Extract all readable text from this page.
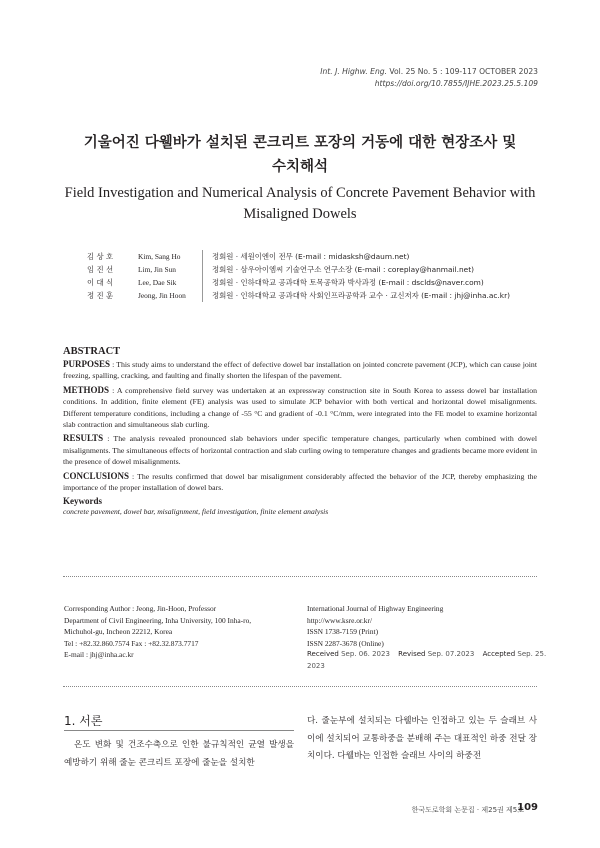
Int. J. Highw. Eng. Vol. 25 No. 5 : 109-117 OCTOBER 2023
https://doi.org/10.7855/IJHE.2023.25.5.109
기울어진 다웰바가 설치된 콘크리트 포장의 거동에 대한 현장조사 및
수치해석
Field Investigation and Numerical Analysis of Concrete Pavement Behavior with
Misaligned Dowels
김 상 호	Kim, Sang Ho	정회원 · 세원이엔이 전무 (E-mail : midasksh@daum.net)
임 진 선	Lim, Jin Sun	정회원 · 삼우아이엠씨 기술연구소 연구소장 (E-mail : coreplay@hanmail.net)
이 대 식	Lee, Dae Sik	정회원 · 인하대학교 공과대학 토목공학과 박사과정 (E-mail : dsclds@naver.com)
정 진 훈	Jeong, Jin Hoon	정회원 · 인하대학교 공과대학 사회인프라공학과 교수 · 교신저자 (E-mail : jhj@inha.ac.kr)
ABSTRACT

PURPOSES : This study aims to understand the effect of defective dowel bar installation on jointed concrete pavement (JCP), which can cause joint freezing, spalling, cracking, and faulting and finally shorten the lifespan of the pavement.

METHODS : A comprehensive field survey was undertaken at an expressway construction site in South Korea to assess dowel bar installation conditions. In addition, finite element (FE) analysis was used to simulate JCP behavior with both vertical and horizontal dowel misalignments. Different temperature conditions, including a change of -55 °C and gradient of -0.1 °C/mm, were integrated into the FE model to examine horizontal slab contraction and simultaneous slab curling.

RESULTS : The analysis revealed pronounced slab behaviors under specific temperature changes, particularly when combined with dowel misalignments. The simultaneous effects of horizontal contraction and slab curling owing to temperature changes and gradients became more evident in the presence of dowel misalignments.

CONCLUSIONS : The results confirmed that dowel bar misalignment considerably affected the behavior of the JCP, thereby emphasizing the importance of the proper installation of dowel bars.

Keywords
concrete pavement, dowel bar, misalignment, field investigation, finite element analysis
Corresponding Author : Jeong, Jin-Hoon, Professor
Department of Civil Engineering, Inha University, 100 Inha-ro,
Michuhol-gu, Incheon 22212, Korea
Tel : +82.32.860.7574 Fax : +82.32.873.7717
E-mail : jhj@inha.ac.kr
International Journal of Highway Engineering
http://www.ksre.or.kr/
ISSN 1738-7159 (Print)
ISSN 2287-3678 (Online)
Received Sep. 06. 2023 Revised Sep. 07.2023 Accepted Sep. 25. 2023
1. 서론
온도 변화 및 건조수축으로 인한 불규칙적인 균열 발생을 예방하기 위해 줄눈 콘크리트 포장에 줄눈을 설치한
다. 줄눈부에 설치되는 다웰바는 인접하고 있는 두 슬래브 사이에 설치되어 교통하중을 분배해 주는 대표적인 하중 전달 장치이다. 다웰바는 인접한 슬래브 사이의 하중전
한국도로학회 논문집 · 제25권 제5호
109
